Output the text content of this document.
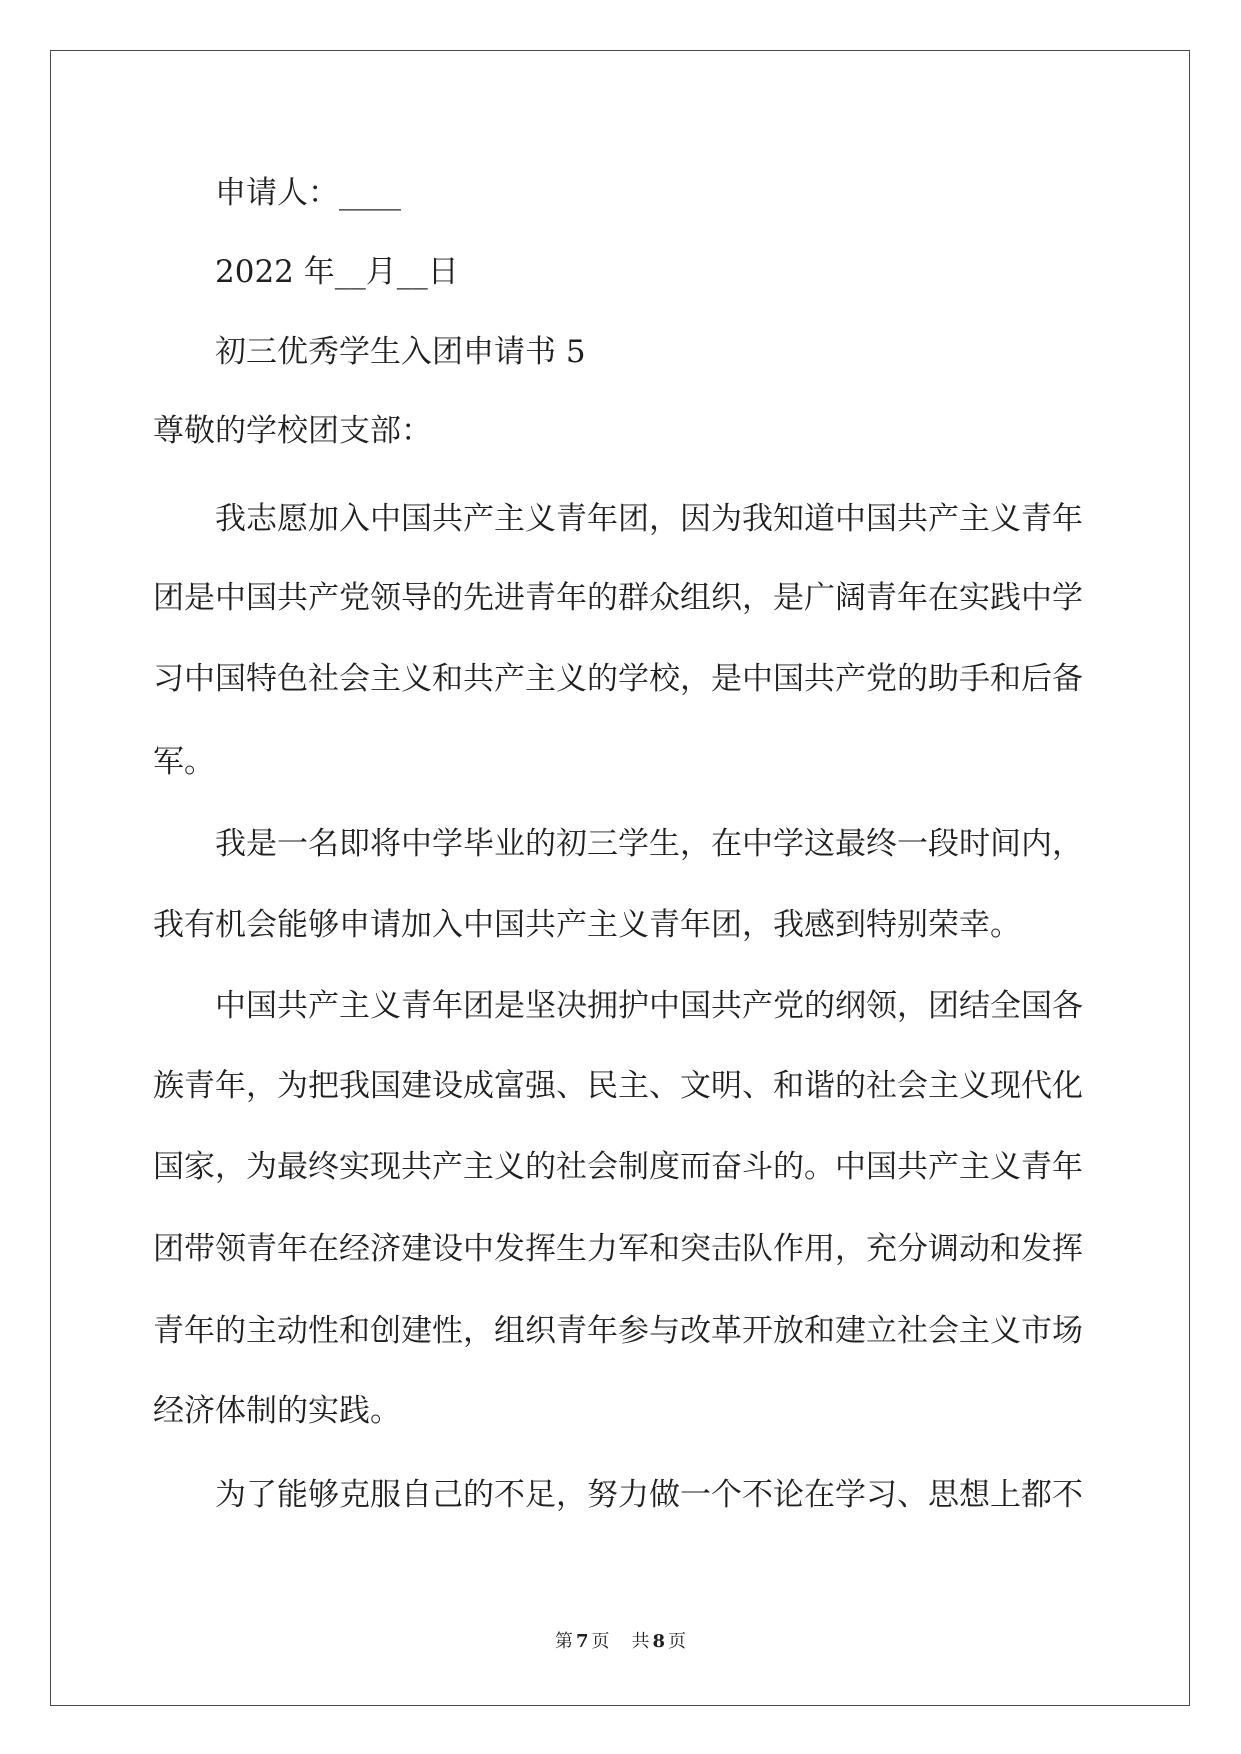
申请人：____
2022 年__月__日
初三优秀学生入团申请书 5
尊敬的学校团支部：
我志愿加入中国共产主义青年团，因为我知道中国共产主义青年
团是中国共产党领导的先进青年的群众组织，是广阔青年在实践中学
习中国特色社会主义和共产主义的学校，是中国共产党的助手和后备
军。
我是一名即将中学毕业的初三学生，在中学这最终一段时间内，
我有机会能够申请加入中国共产主义青年团，我感到特别荣幸。
中国共产主义青年团是坚决拥护中国共产党的纲领，团结全国各
族青年，为把我国建设成富强、民主、文明、和谐的社会主义现代化
国家，为最终实现共产主义的社会制度而奋斗的。中国共产主义青年
团带领青年在经济建设中发挥生力军和突击队作用，充分调动和发挥
青年的主动性和创建性，组织青年参与改革开放和建立社会主义市场
经济体制的实践。
为了能够克服自己的不足，努力做一个不论在学习、思想上都不
第 7 页 共 8 页
